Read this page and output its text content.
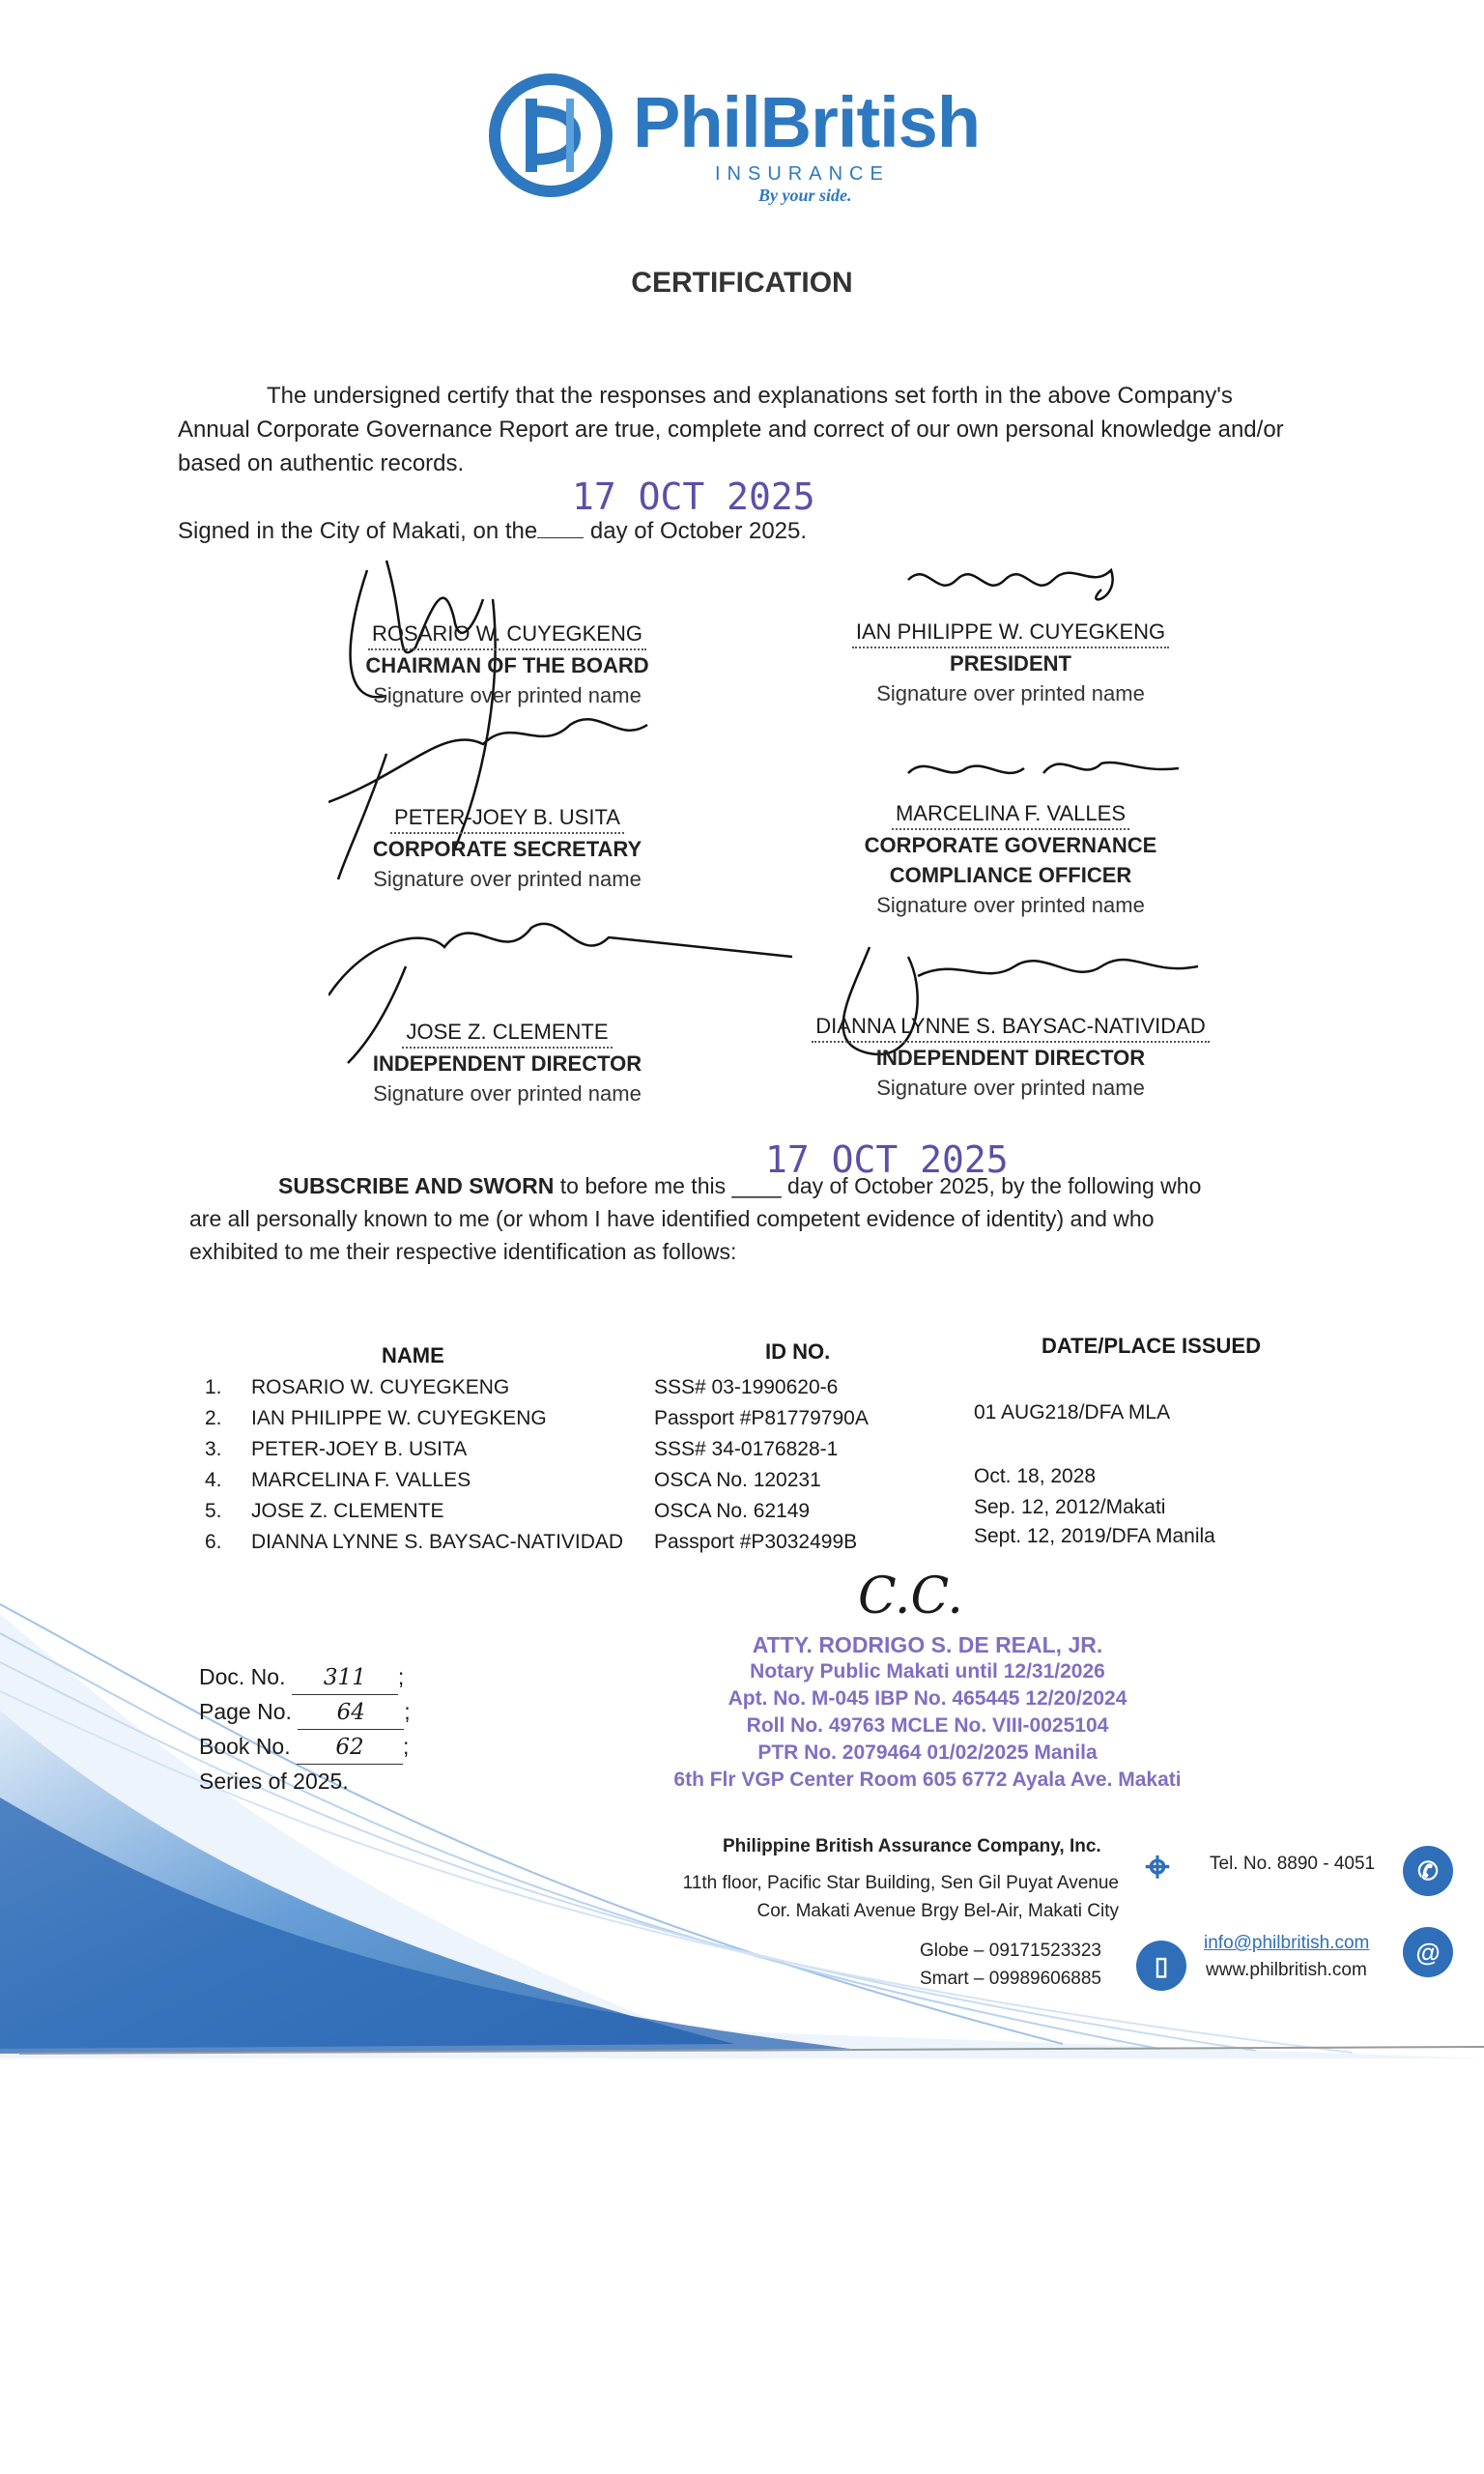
PhilBritish
INSURANCE
By your side.
CERTIFICATION
The undersigned certify that the responses and explanations set forth in the above Company's Annual Corporate Governance Report are true, complete and correct of our own personal knowledge and/or based on authentic records.
Signed in the City of Makati, on the day of October 2025.
17 OCT 2025
ROSARIO W. CUYEGKENG
CHAIRMAN OF THE BOARD
Signature over printed name
IAN PHILIPPE W. CUYEGKENG
PRESIDENT
Signature over printed name
PETER-JOEY B. USITA
CORPORATE SECRETARY
Signature over printed name
MARCELINA F. VALLES
CORPORATE GOVERNANCE
COMPLIANCE OFFICER
Signature over printed name
JOSE Z. CLEMENTE
INDEPENDENT DIRECTOR
Signature over printed name
DIANNA LYNNE S. BAYSAC-NATIVIDAD
INDEPENDENT DIRECTOR
Signature over printed name
17 OCT 2025
SUBSCRIBE AND SWORN to before me this ____ day of October 2025, by the following who
are all personally known to me (or whom I have identified competent evidence of identity) and who
exhibited to me their respective identification as follows:
NAME	ID NO.	DATE/PLACE ISSUED
1. ROSARIO W. CUYEGKENG	SSS# 03-1990620-6
2. IAN PHILIPPE W. CUYEGKENG	Passport #P81779790A	01 AUG218/DFA MLA
3. PETER-JOEY B. USITA	SSS# 34-0176828-1
4. MARCELINA F. VALLES	OSCA No. 120231	Oct. 18, 2028
5. JOSE Z. CLEMENTE	OSCA No. 62149	Sep. 12, 2012/Makati
6. DIANNA LYNNE S. BAYSAC-NATIVIDAD Passport #P3032499B	Sept. 12, 2019/DFA Manila
Doc. No. 311 ;
Page No. 64 ;
Book No. 62 ;
Series of 2025.
C.C.
ATTY. RODRIGO S. DE REAL, JR.
Notary Public Makati until 12/31/2026
Apt. No. M-045 IBP No. 465445 12/20/2024
Roll No. 49763 MCLE No. VIII-0025104
PTR No. 2079464 01/02/2025 Manila
6th Flr VGP Center Room 605 6772 Ayala Ave. Makati
Philippine British Assurance Company, Inc.
11th floor, Pacific Star Building, Sen Gil Puyat Avenue
Cor. Makati Avenue Brgy Bel-Air, Makati City
Globe – 09171523323
Smart – 09989606885
⌖
▯
✆
@
Tel. No. 8890 - 4051
info@philbritish.com
www.philbritish.com
